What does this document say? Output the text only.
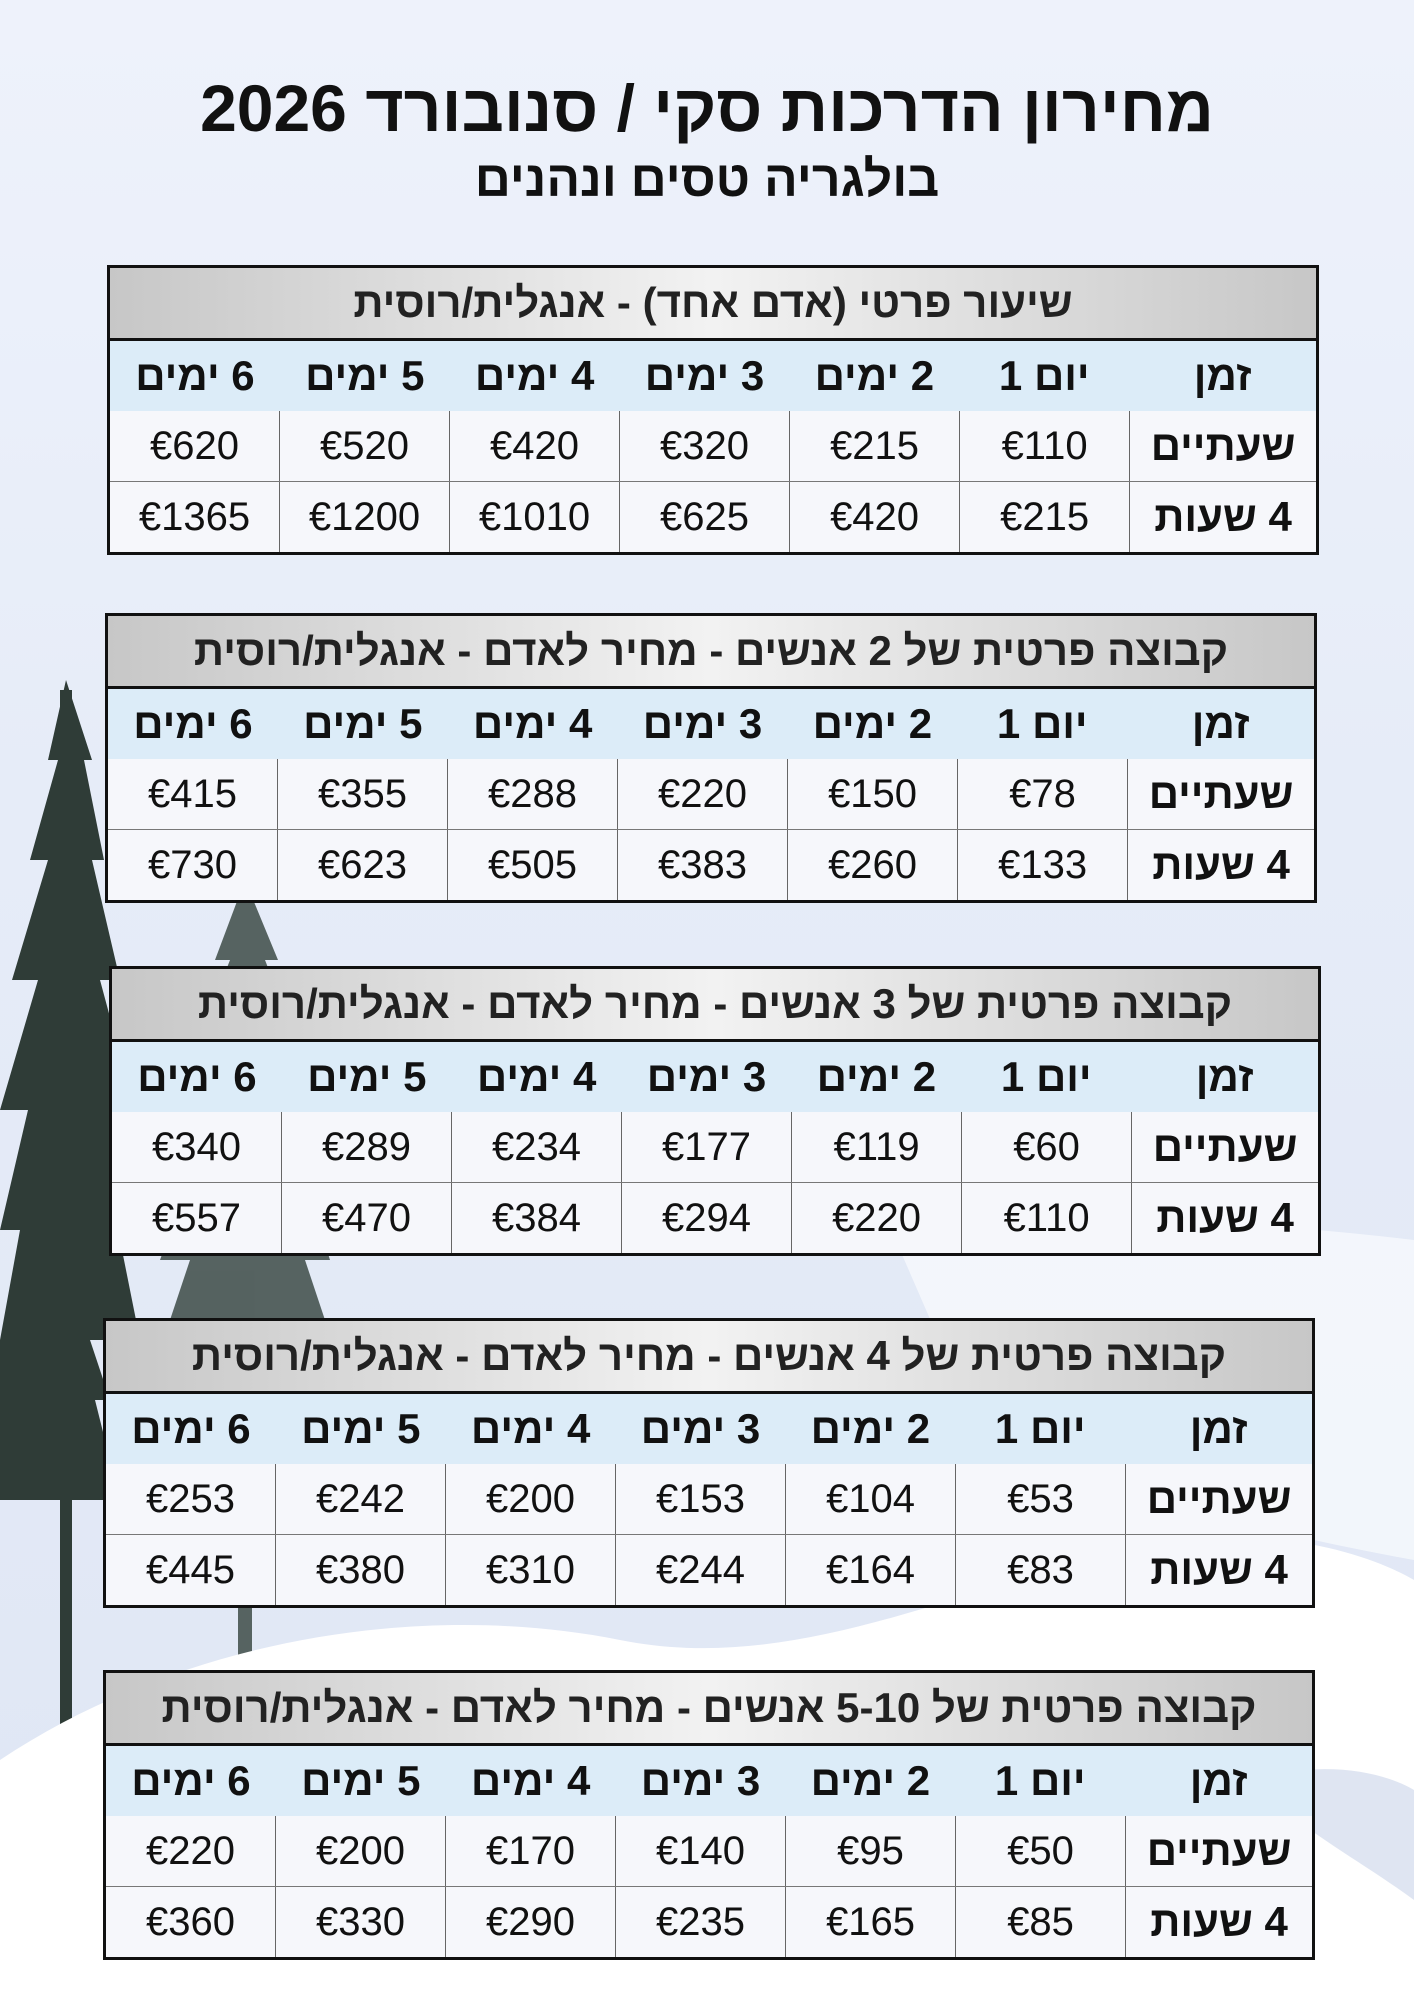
מחירון הדרכות סקי / סנובורד 2026
בולגריה טסים ונהנים
שיעור פרטי (אדם אחד) - אנגלית/רוסית
זמן
יום 1
2 ימים
3 ימים
4 ימים
5 ימים
6 ימים
שעתיים
€110
€215
€320
€420
€520
€620
4 שעות
€215
€420
€625
€1010
€1200
€1365
קבוצה פרטית של 2 אנשים - מחיר לאדם - אנגלית/רוסית
זמן
יום 1
2 ימים
3 ימים
4 ימים
5 ימים
6 ימים
שעתיים
€78
€150
€220
€288
€355
€415
4 שעות
€133
€260
€383
€505
€623
€730
קבוצה פרטית של 3 אנשים - מחיר לאדם - אנגלית/רוסית
זמן
יום 1
2 ימים
3 ימים
4 ימים
5 ימים
6 ימים
שעתיים
€60
€119
€177
€234
€289
€340
4 שעות
€110
€220
€294
€384
€470
€557
קבוצה פרטית של 4 אנשים - מחיר לאדם - אנגלית/רוסית
זמן
יום 1
2 ימים
3 ימים
4 ימים
5 ימים
6 ימים
שעתיים
€53
€104
€153
€200
€242
€253
4 שעות
€83
€164
€244
€310
€380
€445
קבוצה פרטית של 5-10 אנשים - מחיר לאדם - אנגלית/רוסית
זמן
יום 1
2 ימים
3 ימים
4 ימים
5 ימים
6 ימים
שעתיים
€50
€95
€140
€170
€200
€220
4 שעות
€85
€165
€235
€290
€330
€360
